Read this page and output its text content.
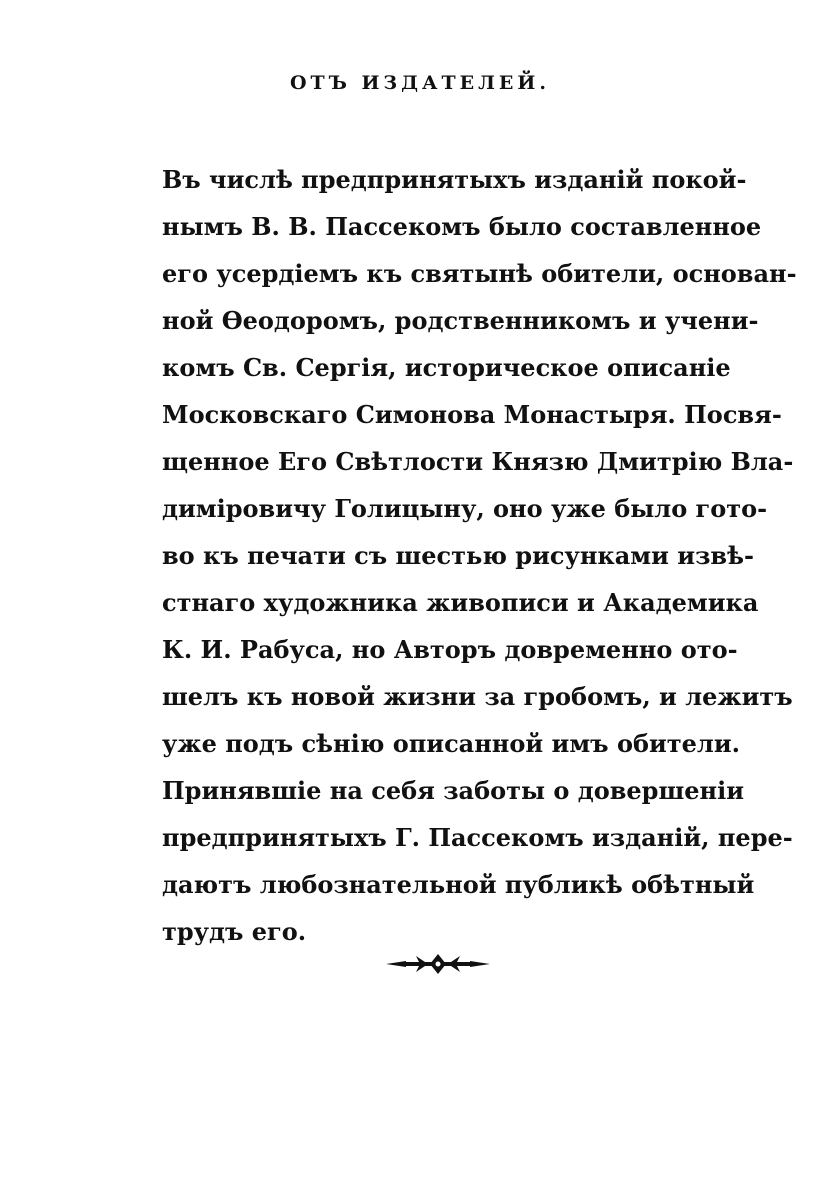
ОТЪ ИЗДАТЕЛЕЙ.
Въ числѣ предпринятыхъ изданій покой-
нымъ В. В. Пассекомъ было составленное
его усердіемъ къ святынѣ обители, основан-
ной Ѳеодоромъ, родственникомъ и учени-
комъ Св. Сергія, историческое описаніе
Московскаго Симонова Монастыря. Посвя-
щенное Его Свѣтлости Князю Дмитрію Вла-
диміровичу Голицыну, оно уже было гото-
во къ печати съ шестью рисунками извѣ-
стнаго художника живописи и Академика
К. И. Рабуса, но Авторъ довременно ото-
шелъ къ новой жизни за гробомъ, и лежитъ
уже подъ сѣнію описанной имъ обители.
Принявшіе на себя заботы о довершеніи
предпринятыхъ Г. Пассекомъ изданій, пере-
даютъ любознательной публикѣ обѣтный
трудъ его.
